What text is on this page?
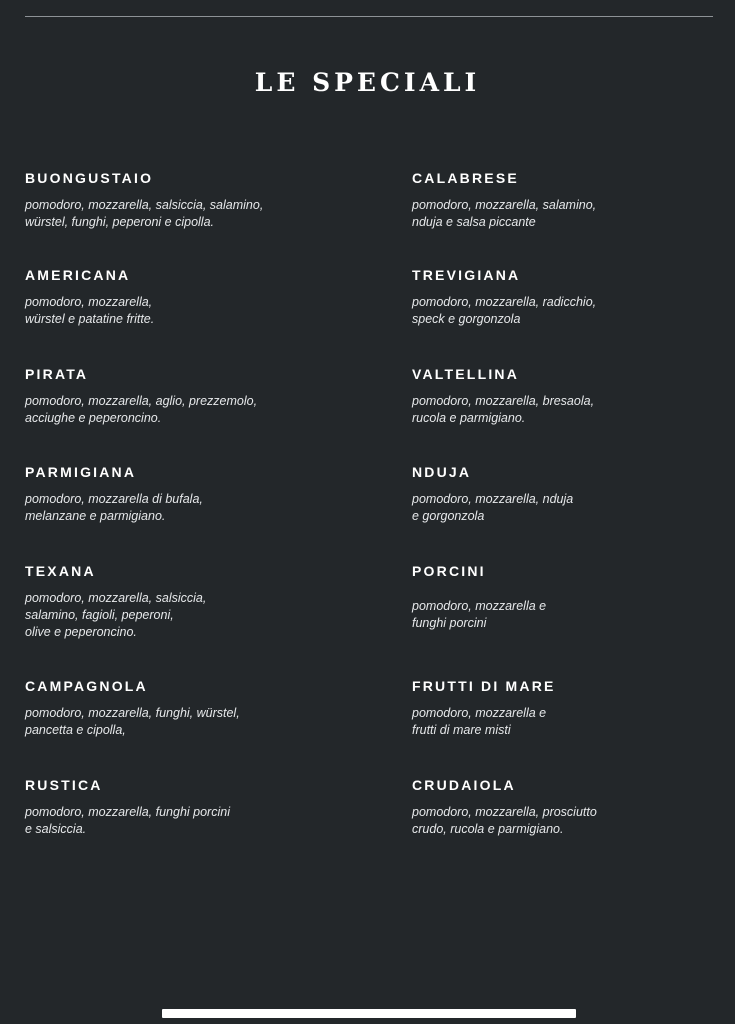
LE SPECIALI

BUONGUSTAIO

pomodoro, mozzarella, salsiccia, salamino,
würstel, funghi, peperoni e cipolla.

AMERICANA

pomodoro, mozzarella,
würstel e patatine fritte.

PIRATA

pomodoro, mozzarella, aglio, prezzemolo,
acciughe e peperoncino.

PARMIGIANA

pomodoro, mozzarella di bufala,
melanzane e parmigiano.

TEXANA

pomodoro, mozzarella, salsiccia,
salamino, fagioli, peperoni,
olive e peperoncino.

CAMPAGNOLA

pomodoro, mozzarella, funghi, würstel,
pancetta e cipolla,

RUSTICA

pomodoro, mozzarella, funghi porcini
e salsiccia.

CALABRESE

pomodoro, mozzarella, salamino,
nduja e salsa piccante

TREVIGIANA

pomodoro, mozzarella, radicchio,
speck e gorgonzola

VALTELLINA

pomodoro, mozzarella, bresaola,
rucola e parmigiano.

NDUJA

pomodoro, mozzarella, nduja
e gorgonzola

PORCINI

pomodoro, mozzarella e
funghi porcini

FRUTTI DI MARE

pomodoro, mozzarella e
frutti di mare misti

CRUDAIOLA

pomodoro, mozzarella, prosciutto
crudo, rucola e parmigiano.
